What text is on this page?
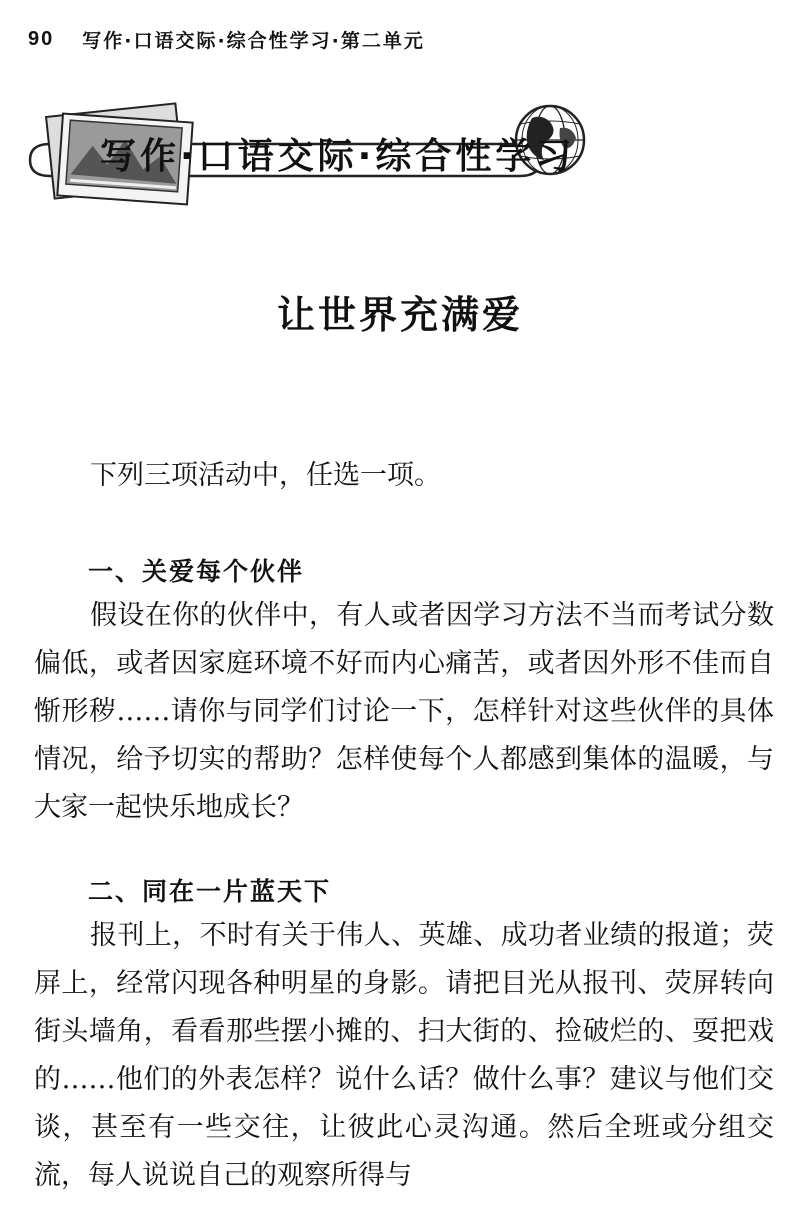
90 写作·口语交际·综合性学习·第二单元
写作·口语交际·综合性学习
让世界充满爱
下列三项活动中，任选一项。
一、关爱每个伙伴
假设在你的伙伴中，有人或者因学习方法不当而考试分数偏低，或者因家庭环境不好而内心痛苦，或者因外形不佳而自惭形秽……请你与同学们讨论一下，怎样针对这些伙伴的具体情况，给予切实的帮助？怎样使每个人都感到集体的温暖，与大家一起快乐地成长？
二、同在一片蓝天下
报刊上，不时有关于伟人、英雄、成功者业绩的报道；荧屏上，经常闪现各种明星的身影。请把目光从报刊、荧屏转向街头墙角，看看那些摆小摊的、扫大街的、捡破烂的、耍把戏的……他们的外表怎样？说什么话？做什么事？建议与他们交谈，甚至有一些交往，让彼此心灵沟通。然后全班或分组交流，每人说说自己的观察所得与
